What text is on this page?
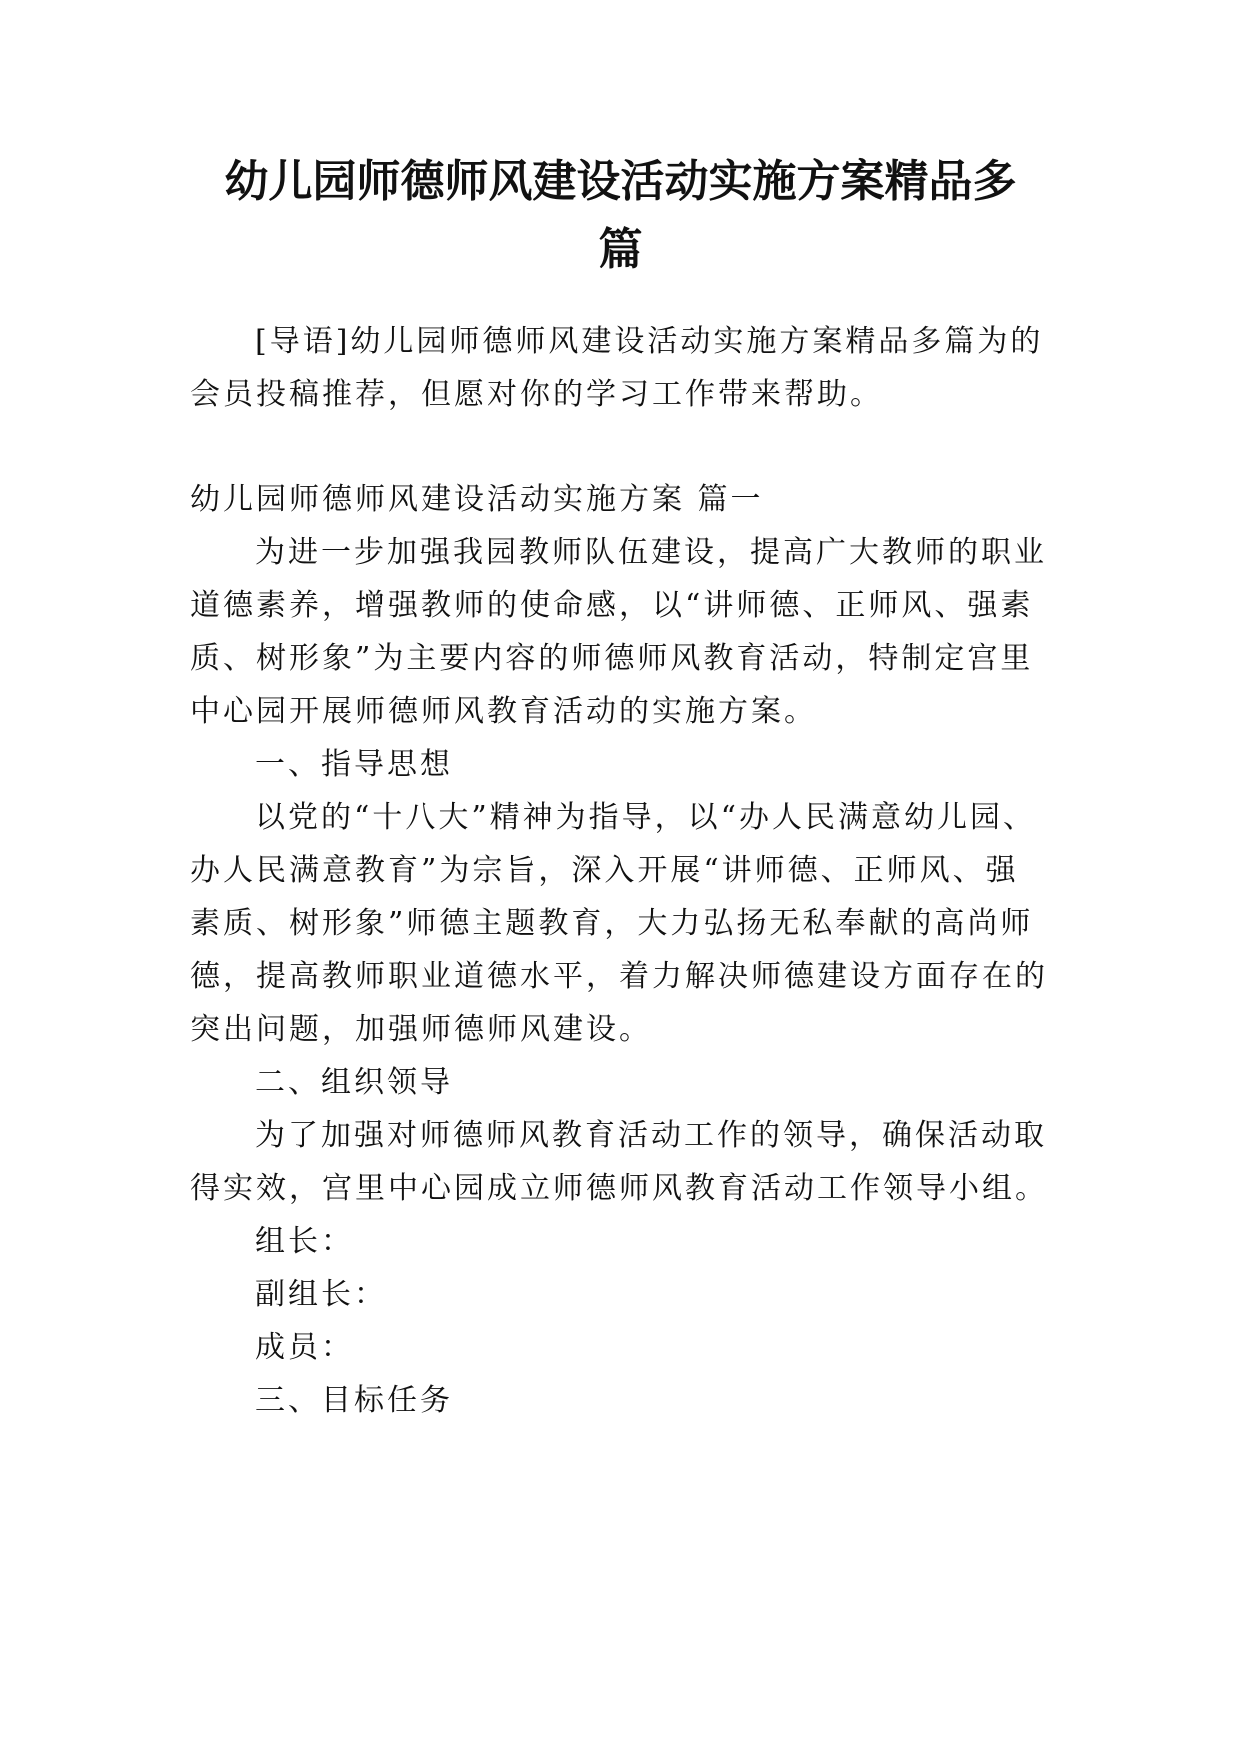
幼儿园师德师风建设活动实施方案精品多
篇

[导语]幼儿园师德师风建设活动实施方案精品多篇为的

会员投稿推荐，但愿对你的学习工作带来帮助。

幼儿园师德师风建设活动实施方案 篇一

为进一步加强我园教师队伍建设，提高广大教师的职业

道德素养，增强教师的使命感，以“讲师德、正师风、强素

质、树形象”为主要内容的师德师风教育活动，特制定宫里

中心园开展师德师风教育活动的实施方案。

一、指导思想

以党的“十八大”精神为指导，以“办人民满意幼儿园、

办人民满意教育”为宗旨，深入开展“讲师德、正师风、强

素质、树形象”师德主题教育，大力弘扬无私奉献的高尚师

德，提高教师职业道德水平，着力解决师德建设方面存在的

突出问题，加强师德师风建设。

二、组织领导

为了加强对师德师风教育活动工作的领导，确保活动取

得实效，宫里中心园成立师德师风教育活动工作领导小组。

组长：

副组长：

成员：

三、目标任务
